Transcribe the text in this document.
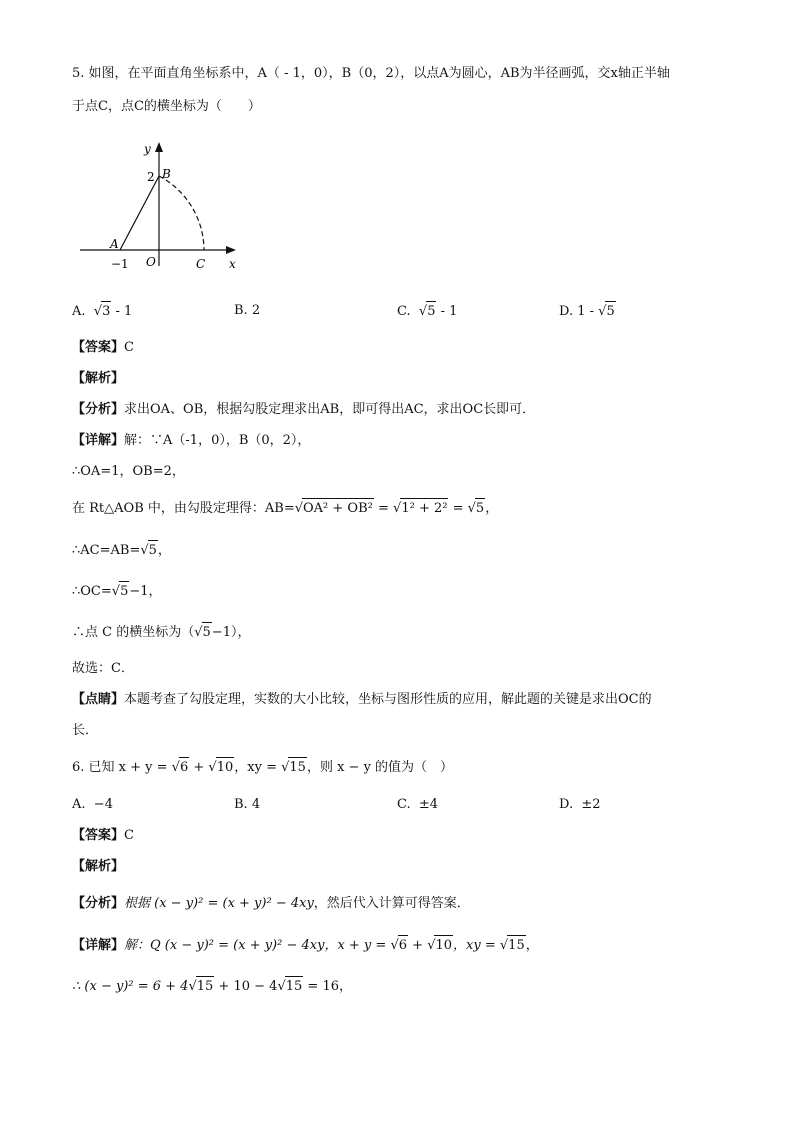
5. 如图，在平面直角坐标系中，A（ - 1，0），B（0，2），以点A为圆心，AB为半径画弧，交x轴正半轴
于点C，点C的横坐标为（　　）
y
x
B
2
A
−1 O	C
A.  √3 - 1	B. 2	C.  √5 - 1	D. 1 - √5
【答案】C
【解析】
【分析】求出OA、OB，根据勾股定理求出AB，即可得出AC，求出OC长即可．
【详解】解：∵A（-1，0），B（0，2），
∴OA=1，OB=2，
在 Rt△AOB 中，由勾股定理得：AB=√OA² + OB² = √1² + 2² = √5，
∴AC=AB=√5，
∴OC=√5−1，
∴点 C 的横坐标为（√5−1），
故选：C．
【点睛】本题考查了勾股定理，实数的大小比较，坐标与图形性质的应用，解此题的关键是求出OC的
长．
6. 已知 x + y = √6 + √10，xy = √15，则 x − y 的值为（　）
A. −4	B. 4	C. ±4	D. ±2
【答案】C
【解析】
【分析】根据 (x − y)² = (x + y)² − 4xy，然后代入计算可得答案．
【详解】解：Q (x − y)² = (x + y)² − 4xy，x + y = √6 + √10，xy = √15，
∴ (x − y)² = 6 + 4√15 + 10 − 4√15 = 16，
